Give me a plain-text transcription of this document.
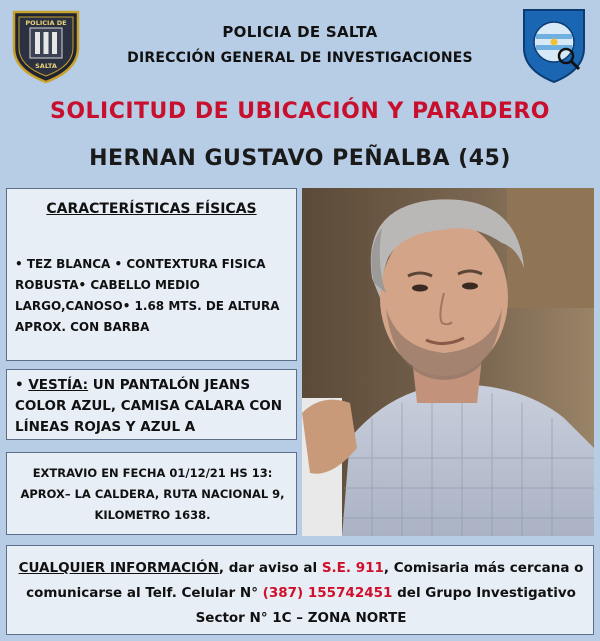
POLICIA DE
SALTA
POLICIA DE SALTA
DIRECCIÓN GENERAL DE INVESTIGACIONES
SOLICITUD DE UBICACIÓN Y PARADERO
HERNAN GUSTAVO PEÑALBA (45)
CARACTERÍSTICAS FÍSICAS
• TEZ BLANCA • CONTEXTURA FISICA ROBUSTA• CABELLO MEDIO LARGO,CANOSO• 1.68 MTS. DE ALTURA APROX. CON BARBA
• VESTÍA: UN PANTALÓN JEANS COLOR AZUL, CAMISA CALARA CON LÍNEAS ROJAS Y AZUL A
EXTRAVIO EN FECHA 01/12/21 HS 13: APROX– LA CALDERA, RUTA NACIONAL 9, KILOMETRO 1638.
CUALQUIER INFORMACIÓN, dar aviso al S.E. 911, Comisaria más cercana o comunicarse al Telf. Celular N° (387) 155742451 del Grupo Investigativo Sector N° 1C – ZONA NORTE
